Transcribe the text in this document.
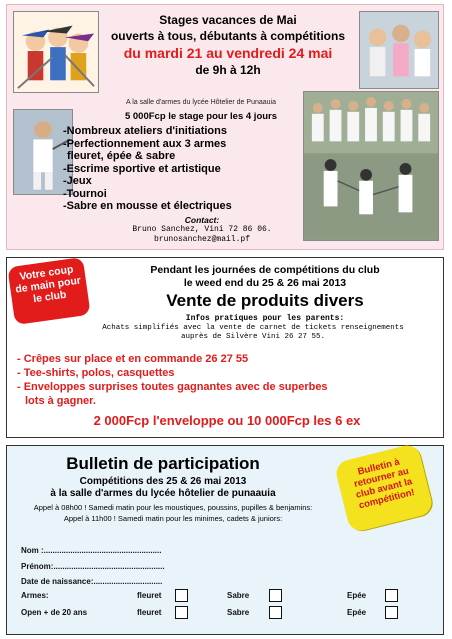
Stages vacances de Mai
ouverts à tous, débutants à compétitions
du mardi 21 au vendredi 24 mai
de 9h à 12h
A la salle d'armes du lycée Hôtelier de Punaauia
5 000Fcp le stage pour les 4 jours
-Nombreux ateliers d'initiations
-Perfectionnement aux 3 armes
fleuret, épée & sabre
-Escrime sportive et artistique
-Jeux
-Tournoi
-Sabre en mousse et électriques
Contact:
Bruno Sanchez, Vini 72 86 06.
brunosanchez@mail.pf
Votre coup de main pour le club
Pendant les journées de compétitions du club
le weed end du 25 & 26 mai 2013
Vente de produits divers
Infos pratiques pour les parents:
Achats simplifiés avec la vente de carnet de tickets renseignements
auprès de Silvère Vini 26 27 55.
- Crêpes sur place et en commande 26 27 55
- Tee-shirts, polos, casquettes
- Enveloppes surprises toutes gagnantes avec de superbes
lots à gagner.
2 000Fcp l'enveloppe ou 10 000Fcp les 6 ex
Bulletin de participation
Compétitions des 25 & 26 mai 2013
à la salle d'armes du lycée hôtelier de punaauia
Appel à 08h00 ! Samedi matin pour les moustiques, poussins, pupilles & benjamins:
Appel à 11h00 ! Samedi matin pour les minimes, cadets & juniors:
Bulletin à retourner au club avant la compétition!
Nom :.....................................................
Prénom:..................................................
Date de naissance:...............................
Armes:	fleuret	Sabre	Epée
Open + de 20 ans	fleuret	Sabre	Epée
